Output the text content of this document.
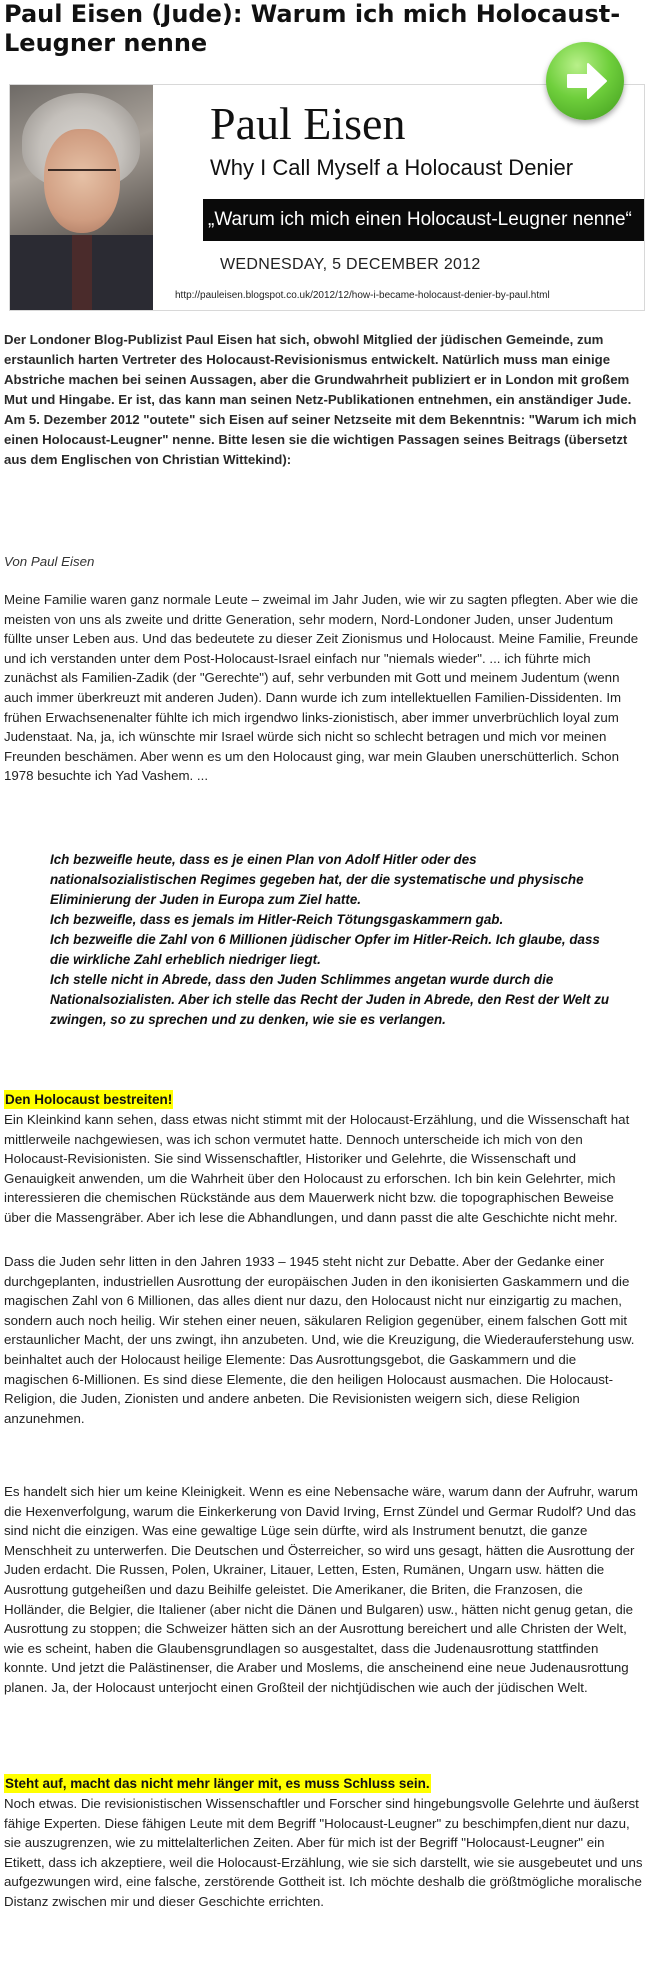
Paul Eisen (Jude): Warum ich mich Holocaust-Leugner nenne
Paul Eisen
Why I Call Myself a Holocaust Denier
„Warum ich mich einen Holocaust-Leugner nenne“
WEDNESDAY, 5 DECEMBER 2012
http://pauleisen.blogspot.co.uk/2012/12/how-i-became-holocaust-denier-by-paul.html

Der Londoner Blog-Publizist Paul Eisen hat sich, obwohl Mitglied der jüdischen Gemeinde, zum erstaunlich harten Vertreter des Holocaust-Revisionismus entwickelt. Natürlich muss man einige Abstriche machen bei seinen Aussagen, aber die Grundwahrheit publiziert er in London mit großem Mut und Hingabe. Er ist, das kann man seinen Netz-Publikationen entnehmen, ein anständiger Jude. Am 5. Dezember 2012 "outete" sich Eisen auf seiner Netzseite mit dem Bekenntnis: "Warum ich mich einen Holocaust-Leugner" nenne. Bitte lesen sie die wichtigen Passagen seines Beitrags (übersetzt aus dem Englischen von Christian Wittekind):

Von Paul Eisen

Meine Familie waren ganz normale Leute – zweimal im Jahr Juden, wie wir zu sagten pflegten. Aber wie die meisten von uns als zweite und dritte Generation, sehr modern, Nord-Londoner Juden, unser Judentum füllte unser Leben aus. Und das bedeutete zu dieser Zeit Zionismus und Holocaust. Meine Familie, Freunde und ich verstanden unter dem Post-Holocaust-Israel einfach nur "niemals wieder". ... ich führte mich zunächst als Familien-Zadik (der "Gerechte") auf, sehr verbunden mit Gott und meinem Judentum (wenn auch immer überkreuzt mit anderen Juden). Dann wurde ich zum intellektuellen Familien-Dissidenten. Im frühen Erwachsenenalter fühlte ich mich irgendwo links-zionistisch, aber immer unverbrüchlich loyal zum Judenstaat. Na, ja, ich wünschte mir Israel würde sich nicht so schlecht betragen und mich vor meinen Freunden beschämen. Aber wenn es um den Holocaust ging, war mein Glauben unerschütterlich. Schon 1978 besuchte ich Yad Vashem. ...

Ich bezweifle heute, dass es je einen Plan von Adolf Hitler oder des nationalsozialistischen Regimes gegeben hat, der die systematische und physische Eliminierung der Juden in Europa zum Ziel hatte.
Ich bezweifle, dass es jemals im Hitler-Reich Tötungsgaskammern gab.
Ich bezweifle die Zahl von 6 Millionen jüdischer Opfer im Hitler-Reich. Ich glaube, dass die wirkliche Zahl erheblich niedriger liegt.
Ich stelle nicht in Abrede, dass den Juden Schlimmes angetan wurde durch die Nationalsozialisten. Aber ich stelle das Recht der Juden in Abrede, den Rest der Welt zu zwingen, so zu sprechen und zu denken, wie sie es verlangen.
Den Holocaust bestreiten!

Ein Kleinkind kann sehen, dass etwas nicht stimmt mit der Holocaust-Erzählung, und die Wissenschaft hat mittlerweile nachgewiesen, was ich schon vermutet hatte. Dennoch unterscheide ich mich von den Holocaust-Revisionisten. Sie sind Wissenschaftler, Historiker und Gelehrte, die Wissenschaft und Genauigkeit anwenden, um die Wahrheit über den Holocaust zu erforschen. Ich bin kein Gelehrter, mich interessieren die chemischen Rückstände aus dem Mauerwerk nicht bzw. die topographischen Beweise über die Massengräber. Aber ich lese die Abhandlungen, und dann passt die alte Geschichte nicht mehr.

Dass die Juden sehr litten in den Jahren 1933 – 1945 steht nicht zur Debatte. Aber der Gedanke einer durchgeplanten, industriellen Ausrottung der europäischen Juden in den ikonisierten Gaskammern und die magischen Zahl von 6 Millionen, das alles dient nur dazu, den Holocaust nicht nur einzigartig zu machen, sondern auch noch heilig. Wir stehen einer neuen, säkularen Religion gegenüber, einem falschen Gott mit erstaunlicher Macht, der uns zwingt, ihn anzubeten. Und, wie die Kreuzigung, die Wiederauferstehung usw. beinhaltet auch der Holocaust heilige Elemente: Das Ausrottungsgebot, die Gaskammern und die magischen 6-Millionen. Es sind diese Elemente, die den heiligen Holocaust ausmachen. Die Holocaust-Religion, die Juden, Zionisten und andere anbeten. Die Revisionisten weigern sich, diese Religion anzunehmen.

Es handelt sich hier um keine Kleinigkeit. Wenn es eine Nebensache wäre, warum dann der Aufruhr, warum die Hexenverfolgung, warum die Einkerkerung von David Irving, Ernst Zündel und Germar Rudolf? Und das sind nicht die einzigen. Was eine gewaltige Lüge sein dürfte, wird als Instrument benutzt, die ganze Menschheit zu unterwerfen. Die Deutschen und Österreicher, so wird uns gesagt, hätten die Ausrottung der Juden erdacht. Die Russen, Polen, Ukrainer, Litauer, Letten, Esten, Rumänen, Ungarn usw. hätten die Ausrottung gutgeheißen und dazu Beihilfe geleistet. Die Amerikaner, die Briten, die Franzosen, die Holländer, die Belgier, die Italiener (aber nicht die Dänen und Bulgaren) usw., hätten nicht genug getan, die Ausrottung zu stoppen; die Schweizer hätten sich an der Ausrottung bereichert und alle Christen der Welt, wie es scheint, haben die Glaubensgrundlagen so ausgestaltet, dass die Judenausrottung stattfinden konnte. Und jetzt die Palästinenser, die Araber und Moslems, die anscheinend eine neue Judenausrottung planen. Ja, der Holocaust unterjocht einen Großteil der nichtjüdischen wie auch der jüdischen Welt.

Steht auf, macht das nicht mehr länger mit, es muss Schluss sein.

Noch etwas. Die revisionistischen Wissenschaftler und Forscher sind hingebungsvolle Gelehrte und äußerst fähige Experten. Diese fähigen Leute mit dem Begriff "Holocaust-Leugner" zu beschimpfen,dient nur dazu, sie auszugrenzen, wie zu mittelalterlichen Zeiten. Aber für mich ist der Begriff "Holocaust-Leugner" ein Etikett, dass ich akzeptiere, weil die Holocaust-Erzählung, wie sie sich darstellt, wie sie ausgebeutet und uns aufgezwungen wird, eine falsche, zerstörende Gottheit ist. Ich möchte deshalb die größtmögliche moralische Distanz zwischen mir und dieser Geschichte errichten.
